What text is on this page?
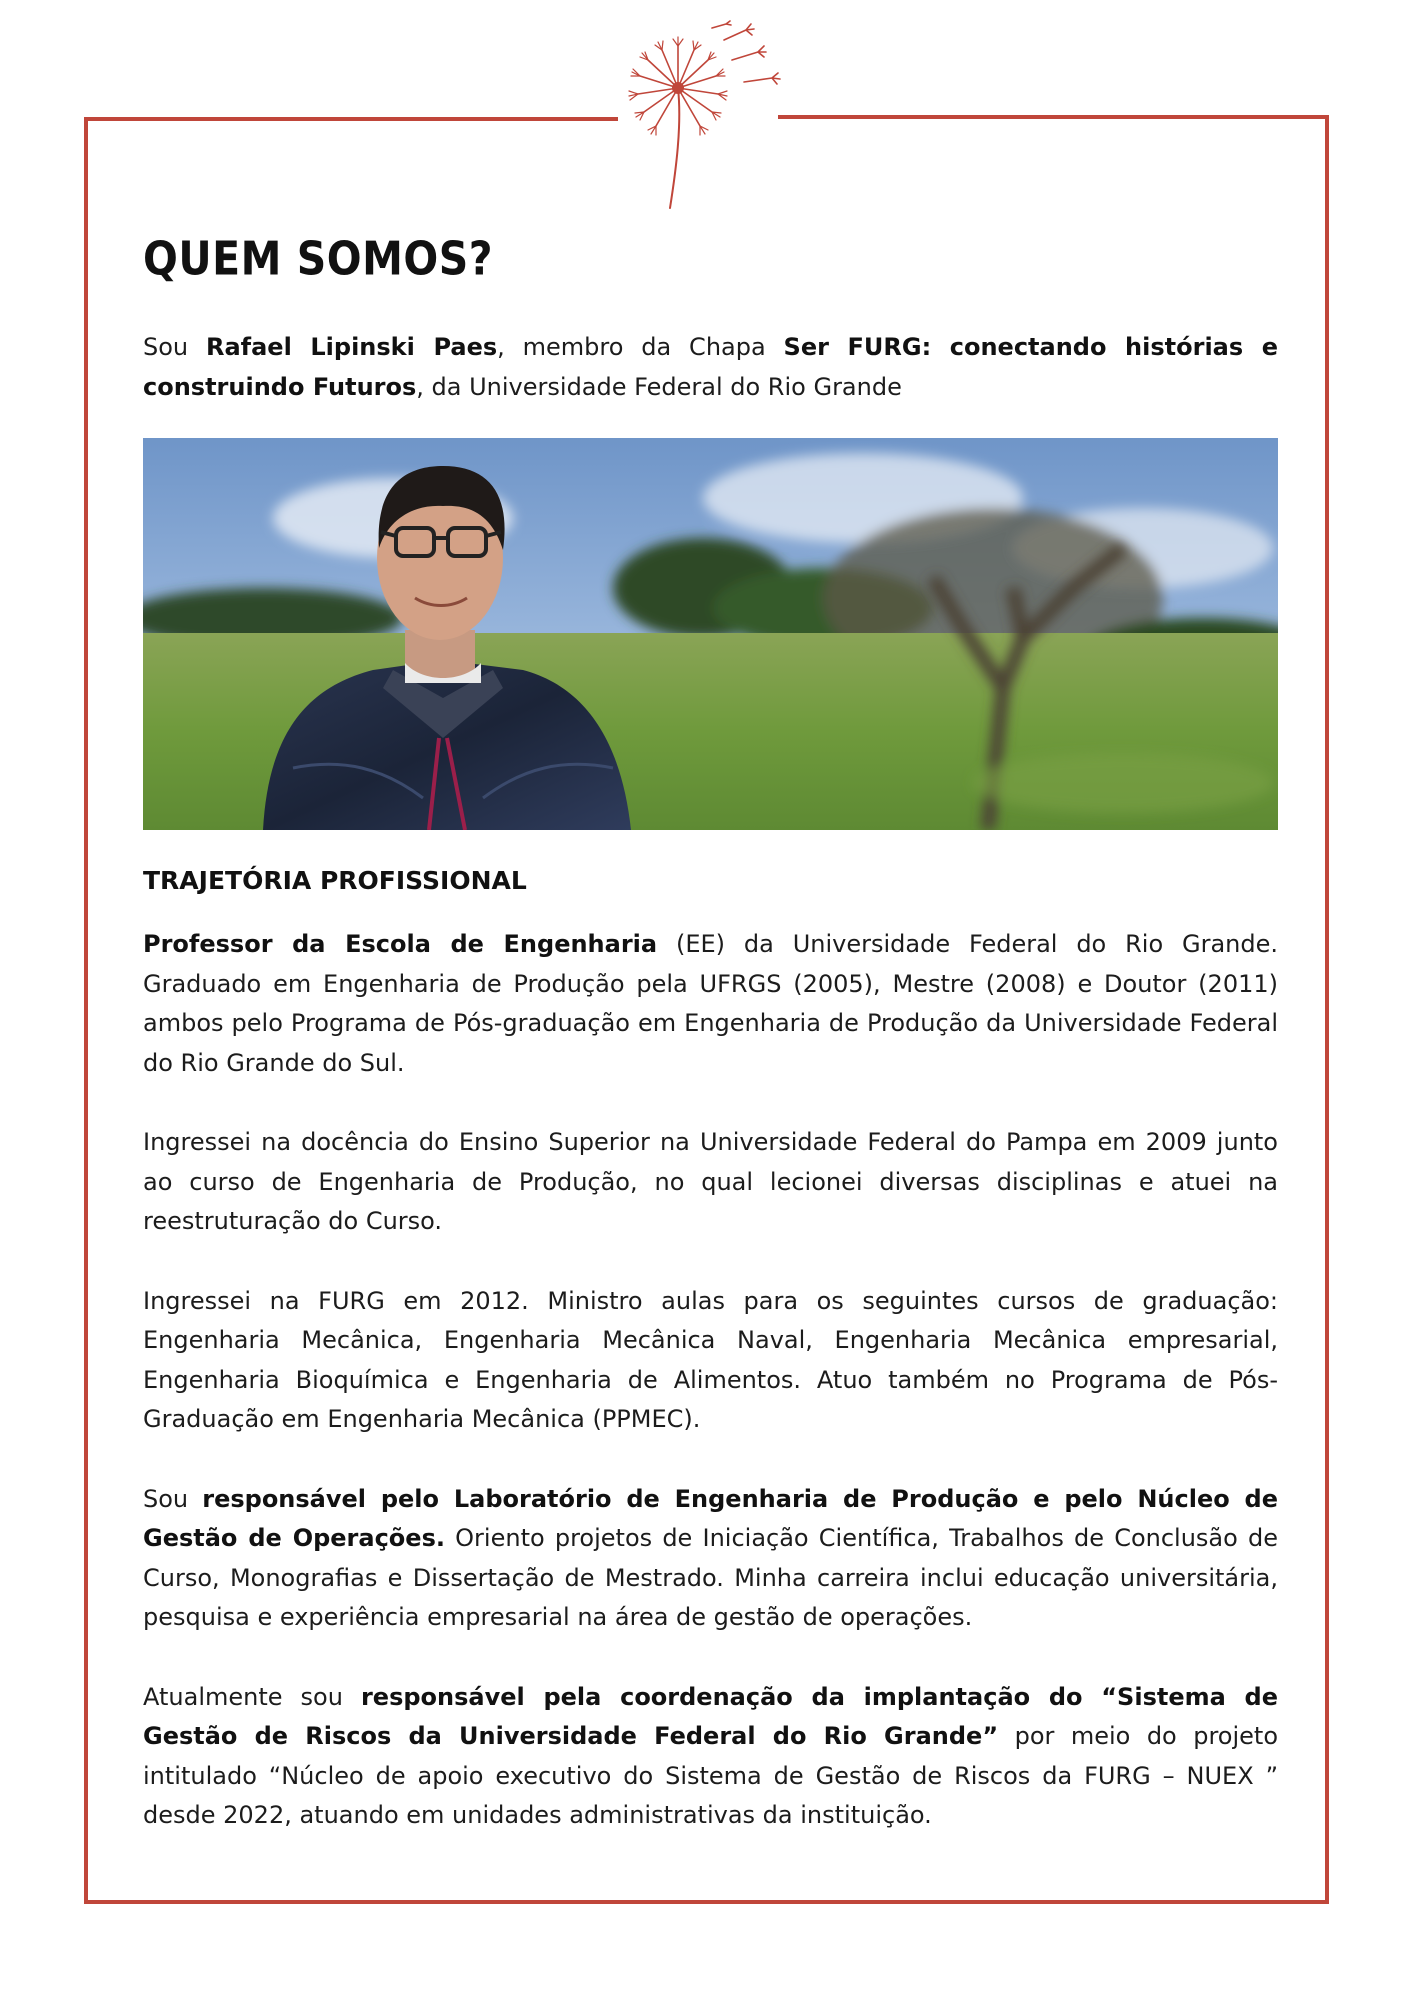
QUEM SOMOS?

Sou Rafael Lipinski Paes, membro da Chapa Ser FURG: conectando histórias e construindo Futuros, da Universidade Federal do Rio Grande

TRAJETÓRIA PROFISSIONAL

Professor da Escola de Engenharia (EE) da Universidade Federal do Rio Grande. Graduado em Engenharia de Produção pela UFRGS (2005), Mestre (2008) e Doutor (2011) ambos pelo Programa de Pós-graduação em Engenharia de Produção da Universidade Federal do Rio Grande do Sul.

Ingressei na docência do Ensino Superior na Universidade Federal do Pampa em 2009 junto ao curso de Engenharia de Produção, no qual lecionei diversas disciplinas e atuei na reestruturação do Curso.

Ingressei na FURG em 2012. Ministro aulas para os seguintes cursos de graduação: Engenharia Mecânica, Engenharia Mecânica Naval, Engenharia Mecânica empresarial, Engenharia Bioquímica e Engenharia de Alimentos. Atuo também no Programa de Pós-Graduação em Engenharia Mecânica (PPMEC).

Sou responsável pelo Laboratório de Engenharia de Produção e pelo Núcleo de Gestão de Operações. Oriento projetos de Iniciação Científica, Trabalhos de Conclusão de Curso, Monografias e Dissertação de Mestrado. Minha carreira inclui educação universitária, pesquisa e experiência empresarial na área de gestão de operações.

Atualmente sou responsável pela coordenação da implantação do “Sistema de Gestão de Riscos da Universidade Federal do Rio Grande” por meio do projeto intitulado “Núcleo de apoio executivo do Sistema de Gestão de Riscos da FURG – NUEX ” desde 2022, atuando em unidades administrativas da instituição.
